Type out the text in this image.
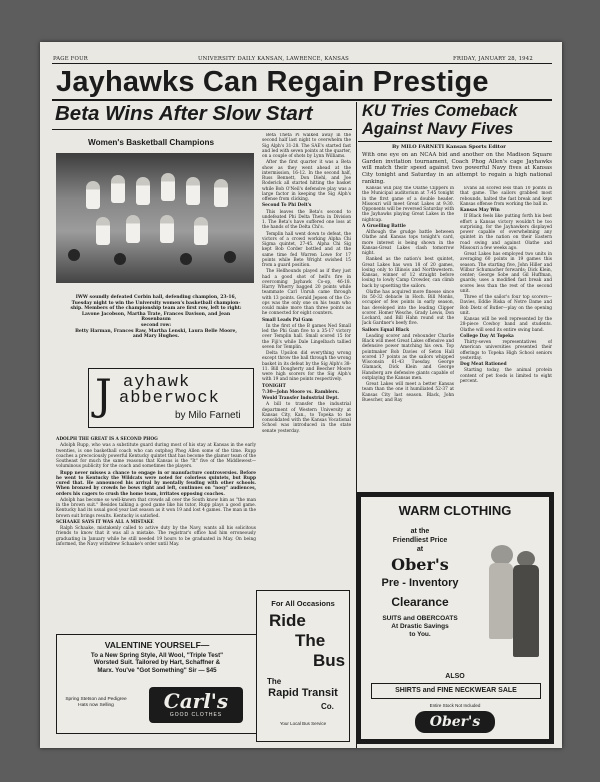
PAGE FOUR	UNIVERSITY DAILY KANSAN, LAWRENCE, KANSAS	FRIDAY, JANUARY 28, 1942
Jayhawks Can Regain Prestige
Beta Wins After Slow Start
Women's Basketball Champions
IWW soundly defeated Corbin hall, defending champion, 23-16,
Tuesday night to win the University women's basketball champion-
ship. Members of the championship team are first row, left to right:
Lavone Jacobson, Martha Trate, Frances Davison, and Jean
Rosenbaum
second row:
Betty Harman, Frances Raw, Martha Lenski, Laura Belle Moore,
and Mary Hughes.

Beta Theta Pi walked away in the second half last night to overwhelm the Sig Alph's 31-28. The SAE's started fast and led with seven points at the quarter, on a couple of shots by Lynn Williams.

After the first quarter it was a Beta show as they went ahead at the intermission, 16-12. In the second half, Russ Bennett, Don Diehl, and Joe Roderick all started hitting the basket while Bob O'Neil's defensive play was a large factor in keeping the Sig Alph's offense from clicking.

Second To Phi Delt's

This leaves the Beta's second to undefeated Phi Delta Theta in Division 1. The Beta's have suffered one loss at the hands of the Delta Chi's.

Templin hall went down to defeat, the victors of a crowd working Alpha Chi Sigma quintet, 27-45. Alpha Chi Sig kept Bob Corder bottled and at the same time fed Warren Lowe for 17 points while Bete Wright swished 15 from a guard position.

The Hellhounds played as if they just had a good shot of hell's fire in overcoming Jayhawk Co-op, 46-18. Harry Wherry bagged 20 points while teammate Carl Unruh came through with 13 points. Gerald Jepsen of the Co-ops was the only one on his team who could make more than three points as he connected for eight counters.

Small Leads Pal Gam

In the first of the B games Ned Small led the Phi Gam five to a 35-17 victory over Templin hall. Small scored 15 for the Fiji's while Dale Lingelbach tallied seven for Templin.

Delta Upsilon did everything wrong except throw the ball through the wrong basket in its defeat by the Sig Alph's 38-11. Bill Dougherty and Beecher Moore were high scorers for the Sig Alph's with 19 and nine points respectively.

TONIGHT

7:30—John Moore vs. Ramblers.

Would Transfer Industrial Dept.

A bill to transfer the industrial department of Western University at Kansas City, Kan., to Topeka to be consolidated with the Kansas Vocational School was introduced in the state senate yesterday.

J ayhawk
abberwock
by Milo Farneti

ADOLPH THE GREAT IS A SECOND PHOG

Adolph Rupp, who was a substitute guard during most of his stay at Kansas in the early twenties, is one basketball coach who can outphog Phog Allen some of the time. Rupp coaches a precociously powerful Kentucky quintet that has become the glamor team of the Southeast for much the same reasons that Kansas is the "It" five of the Middlewest—voluminous publicity for the coach and sometimes the players.

Rupp never misses a chance to engage in or manufacture controversies. Before he went to Kentucky the Wildcats were noted for colorless quintets, but Rupp cured that. He announced his arrival by mentally feuding with other schools. When bronzed by crowds he bows right and left, continues on "nosy" audiences, orders his cagers to crush the home team, irritates opposing coaches.

Adolph has become so well-known that crowds all over the South know him as "the man in the brown suit." Besides talking a good game like his tutor, Rupp plays a good game. Kentucky had its usual good year last season as it won 19 and lost 4 games. The man in the brown suit brings results. Kentucky is satisfied.

SCHAAKE SAYS IT WAS ALL A MISTAKE

Ralph Schaake, mistakenly called to active duty by the Navy, wants all his solicitous friends to know that it was all a mistake. The registrar's office had him erroneously graduating in January while he still needed 19 hours to be graduated in May. On being informed, the Navy withdrew Schaake's order until May.

VALENTINE YOURSELF—
To a New Spring Style, All Wool, "Triple Test"
Worsted Suit. Tailored by Hart, Schaffner &
Marx. You've "Got Something" Sir — $45
Spring Stetson and Pedigree
Hats now Selling	Carl's
GOOD CLOTHES
KU Tries Comeback
Against Navy Fives
By MILO FARNETI Kansan Sports Editor
With one eye on an NCAA bid and another on the Madison Square Garden invitation tournament, Coach Phog Allen's cage Jayhawks will match their speed against two powerful Navy fives at Kansas City tonight and Saturday in an attempt to regain a high national ranking.

Kansas will play the Olathe Clippers in the Municipal auditorium at 7:45 tonight in the first game of a double header. Missouri will meet Great Lakes at 9:30. Opponents will be reversed Saturday with the Jayhawks playing Great Lakes in the nightcap.

A Gruelling Battle

Although the grudge battle between Olathe and Kansas tops tonight's card, more interest is being shown in the Kansas-Great Lakes clash tomorrow night.

Ranked as the nation's best quintet, Great Lakes has won 18 of 20 games, losing only to Illinois and Northwestern. Kansas, winner of 12 straight before losing to lowly Camp Crowder, can climb back by upsetting the sailors.

Olathe has acquired more finesse since its 50-32 debacle in Hoch. Bill Monks, occupier of few points in early season, has developed into the leading Clipper scorer. Homer Wesche, Grady Lewis, Don Lockard, and Bill Hahn round out the Jack Gardner's beefy five.

Sailors Equal Black

Leading scorer and rebounder Charlie Black will meet Great Lakes offensive and defensive power matching his own. Top pointmaker Bob Davies of Seton Hall scored 17 points as the sailors whipped Wisconsin 61-43 Tuesday. George Glamack, Dick Klein and George Hansberg are defensive giants capable of outplaying the Kansas men.

Great Lakes will meet a better Kansas team than the one it humiliated 52-37 at Kansas City last season. Black, John Buescher, and Ray

Evans all scored less than 10 points in that game. The sailors grabbed most rebounds, halted the fast break and kept Kansas offense from working the ball in.

Kansas May Win

If Black feels like putting forth his best effort a Kansas victory wouldn't be too surprising, for the Jayhawkers displayed power capable of overwhelming any quintet in the nation on their Eastern road swing and against Olathe and Missouri a few weeks ago.

Great Lakes has employed two units in averaging 60 points in 19 games this season. The starting five, John Hiller and Wilbur Schumacher forwards; Dick Klein, center; George Sobe and Gil Huffman, guards; uses a modified fast break and scores less than the rest of the second unit.

Three of the sailor's four top scorers—Davies, Eddie Riska of Notre Dame and Bob Dietz of Butler—play on the opening unit.

Kansas will be well represented by the 28-piece Cowboy band and students. Olathe will send its entire swing band.

College Day At Topeka

Thirty-seven representatives of American universities presented their offerings to Topeka High School seniors yesterday.

Dog Meat Rationed

Starting today, the animal protein content of pet foods is limited to eight percent.

For All Occasions
Ride
The
Bus
The
Rapid Transit
Co.
Your Local Bus Service
WARM CLOTHING
at the
Friendliest Price
at
Ober's
Pre - Inventory
Clearance
SUITS and OBERCOATS
At Drastic Savings
to You.
ALSO
SHIRTS and FINE NECKWEAR SALE
Entire Stock Not Included
Ober's
